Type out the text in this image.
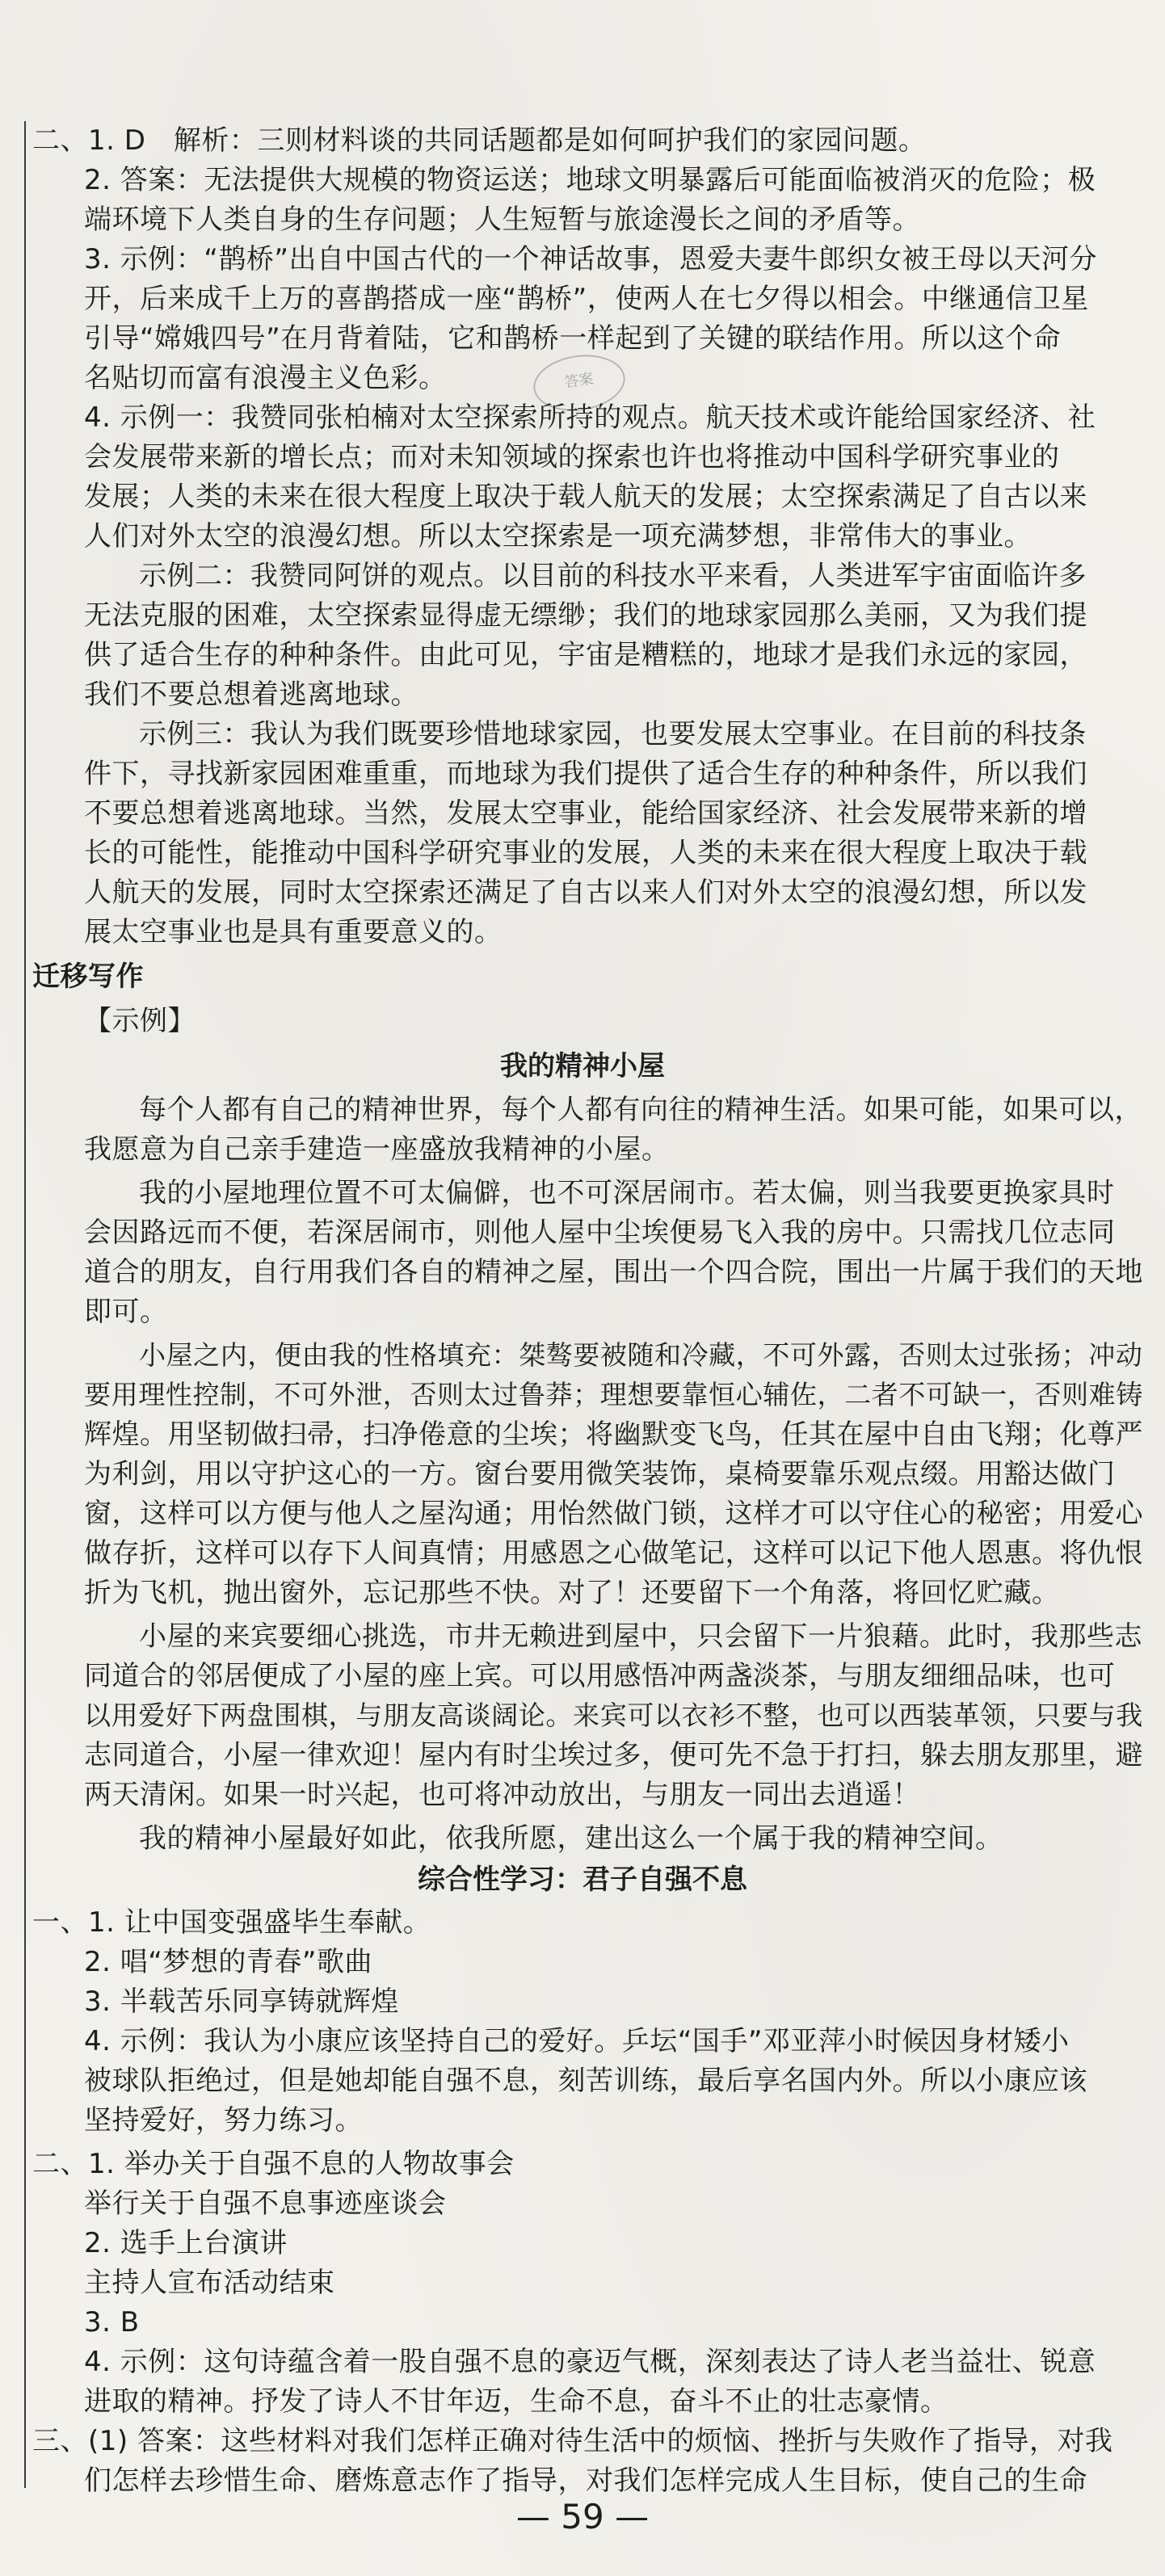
答案
二、1. D　解析：三则材料谈的共同话题都是如何呵护我们的家园问题。
2. 答案：无法提供大规模的物资运送；地球文明暴露后可能面临被消灭的危险；极
端环境下人类自身的生存问题；人生短暂与旅途漫长之间的矛盾等。
3. 示例：“鹊桥”出自中国古代的一个神话故事，恩爱夫妻牛郎织女被王母以天河分
开，后来成千上万的喜鹊搭成一座“鹊桥”，使两人在七夕得以相会。中继通信卫星
引导“嫦娥四号”在月背着陆，它和鹊桥一样起到了关键的联结作用。所以这个命
名贴切而富有浪漫主义色彩。
4. 示例一：我赞同张柏楠对太空探索所持的观点。航天技术或许能给国家经济、社
会发展带来新的增长点；而对未知领域的探索也许也将推动中国科学研究事业的
发展；人类的未来在很大程度上取决于载人航天的发展；太空探索满足了自古以来
人们对外太空的浪漫幻想。所以太空探索是一项充满梦想，非常伟大的事业。
示例二：我赞同阿饼的观点。以目前的科技水平来看，人类进军宇宙面临许多
无法克服的困难，太空探索显得虚无缥缈；我们的地球家园那么美丽，又为我们提
供了适合生存的种种条件。由此可见，宇宙是糟糕的，地球才是我们永远的家园，
我们不要总想着逃离地球。
示例三：我认为我们既要珍惜地球家园，也要发展太空事业。在目前的科技条
件下，寻找新家园困难重重，而地球为我们提供了适合生存的种种条件，所以我们
不要总想着逃离地球。当然，发展太空事业，能给国家经济、社会发展带来新的增
长的可能性，能推动中国科学研究事业的发展，人类的未来在很大程度上取决于载
人航天的发展，同时太空探索还满足了自古以来人们对外太空的浪漫幻想，所以发
展太空事业也是具有重要意义的。
迁移写作
【示例】
我的精神小屋
每个人都有自己的精神世界，每个人都有向往的精神生活。如果可能，如果可以，
我愿意为自己亲手建造一座盛放我精神的小屋。
我的小屋地理位置不可太偏僻，也不可深居闹市。若太偏，则当我要更换家具时
会因路远而不便，若深居闹市，则他人屋中尘埃便易飞入我的房中。只需找几位志同
道合的朋友，自行用我们各自的精神之屋，围出一个四合院，围出一片属于我们的天地
即可。
小屋之内，便由我的性格填充：桀骜要被随和冷藏，不可外露，否则太过张扬；冲动
要用理性控制，不可外泄，否则太过鲁莽；理想要靠恒心辅佐，二者不可缺一，否则难铸
辉煌。用坚韧做扫帚，扫净倦意的尘埃；将幽默变飞鸟，任其在屋中自由飞翔；化尊严
为利剑，用以守护这心的一方。窗台要用微笑装饰，桌椅要靠乐观点缀。用豁达做门
窗，这样可以方便与他人之屋沟通；用怡然做门锁，这样才可以守住心的秘密；用爱心
做存折，这样可以存下人间真情；用感恩之心做笔记，这样可以记下他人恩惠。将仇恨
折为飞机，抛出窗外，忘记那些不快。对了！还要留下一个角落，将回忆贮藏。
小屋的来宾要细心挑选，市井无赖进到屋中，只会留下一片狼藉。此时，我那些志
同道合的邻居便成了小屋的座上宾。可以用感悟冲两盏淡茶，与朋友细细品味，也可
以用爱好下两盘围棋，与朋友高谈阔论。来宾可以衣衫不整，也可以西装革领，只要与我
志同道合，小屋一律欢迎！屋内有时尘埃过多，便可先不急于打扫，躲去朋友那里，避
两天清闲。如果一时兴起，也可将冲动放出，与朋友一同出去逍遥！
我的精神小屋最好如此，依我所愿，建出这么一个属于我的精神空间。
综合性学习：君子自强不息
一、1. 让中国变强盛毕生奉献。
2. 唱“梦想的青春”歌曲
3. 半载苦乐同享铸就辉煌
4. 示例：我认为小康应该坚持自己的爱好。乒坛“国手”邓亚萍小时候因身材矮小
被球队拒绝过，但是她却能自强不息，刻苦训练，最后享名国内外。所以小康应该
坚持爱好，努力练习。
二、1. 举办关于自强不息的人物故事会
举行关于自强不息事迹座谈会
2. 选手上台演讲
主持人宣布活动结束
3. B
4. 示例：这句诗蕴含着一股自强不息的豪迈气概，深刻表达了诗人老当益壮、锐意
进取的精神。抒发了诗人不甘年迈，生命不息，奋斗不止的壮志豪情。
三、(1) 答案：这些材料对我们怎样正确对待生活中的烦恼、挫折与失败作了指导，对我
们怎样去珍惜生命、磨炼意志作了指导，对我们怎样完成人生目标，使自己的生命
— 59 —
